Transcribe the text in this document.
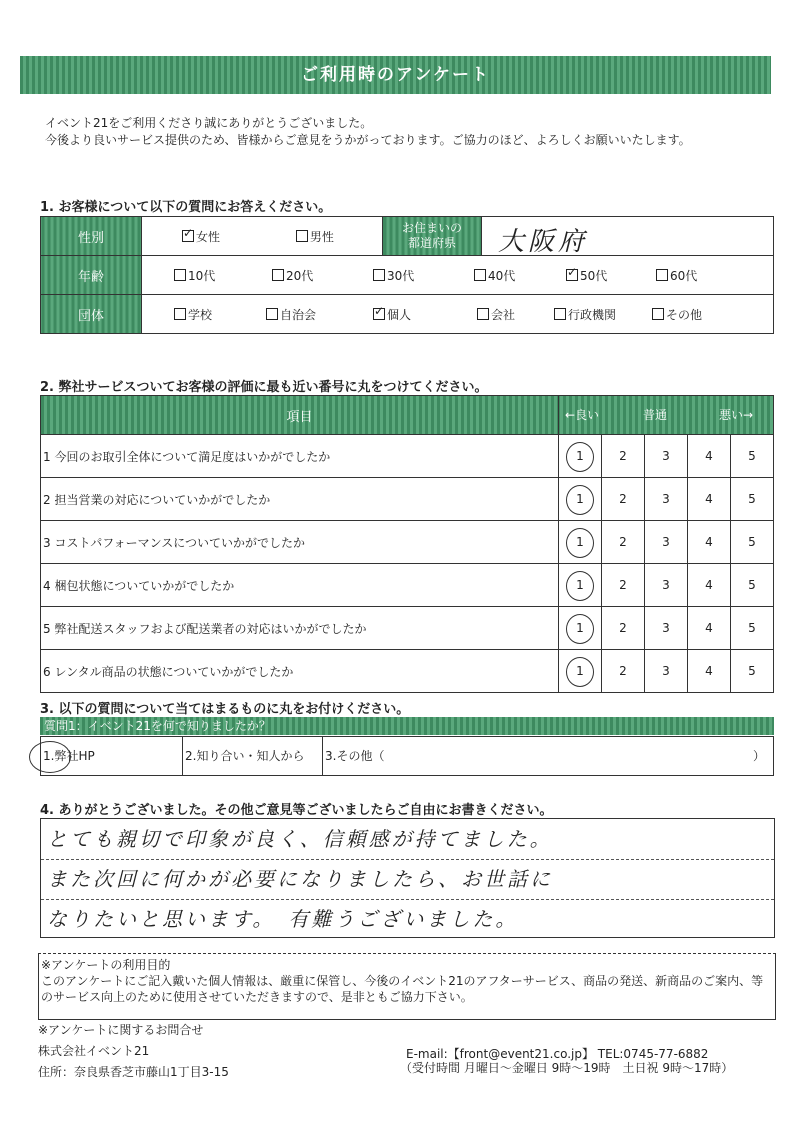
ご利用時のアンケート
イベント21をご利用くださり誠にありがとうございました。
今後より良いサービス提供のため、皆様からご意見をうかがっております。ご協力のほど、よろしくお願いいたします。
1. お客様について以下の質問にお答えください。
性別	✓女性 男性	お住まいの
都道府県	大阪府

年齢	10代 20代 30代 40代 ✓ 50代 60代
団体	学校 自治会 ✓ 個人 会社 行政機関 その他
2. 弊社サービスついてお客様の評価に最も近い番号に丸をつけてください。
項目	←良い 普通 悪い→				

1 今回のお取引全体について満足度はいかがでしたか	1	2	3	4	5
2 担当営業の対応についていかがでしたか	1	2	3	4	5
3 コストパフォーマンスについていかがでしたか	1	2	3	4	5
4 梱包状態についていかがでしたか	1	2	3	4	5
5 弊社配送スタッフおよび配送業者の対応はいかがでしたか	1	2	3	4	5
6 レンタル商品の状態についていかがでしたか	1	2	3	4	5
3. 以下の質問について当てはまるものに丸をお付けください。
質問1：イベント21を何で知りましたか？
1.弊社HP	2.知り合い・知人から	3.その他（	）
4. ありがとうございました。その他ご意見等ございましたらご自由にお書きください。
とても親切で印象が良く、信頼感が持てました。
また次回に何かが必要になりましたら、お世話に
なりたいと思います。　有難うございました。
※アンケートの利用目的
このアンケートにご記入戴いた個人情報は、厳重に保管し、今後のイベント21のアフターサービス、商品の発送、新商品のご案内、等のサービス向上のために使用させていただきますので、是非ともご協力下さい。
※アンケートに関するお問合せ
株式会社イベント21
住所：奈良県香芝市藤山1丁目3-15
E-mail:【front@event21.co.jp】 TEL:0745-77-6882
（受付時間 月曜日～金曜日 9時～19時　土日祝 9時～17時）
